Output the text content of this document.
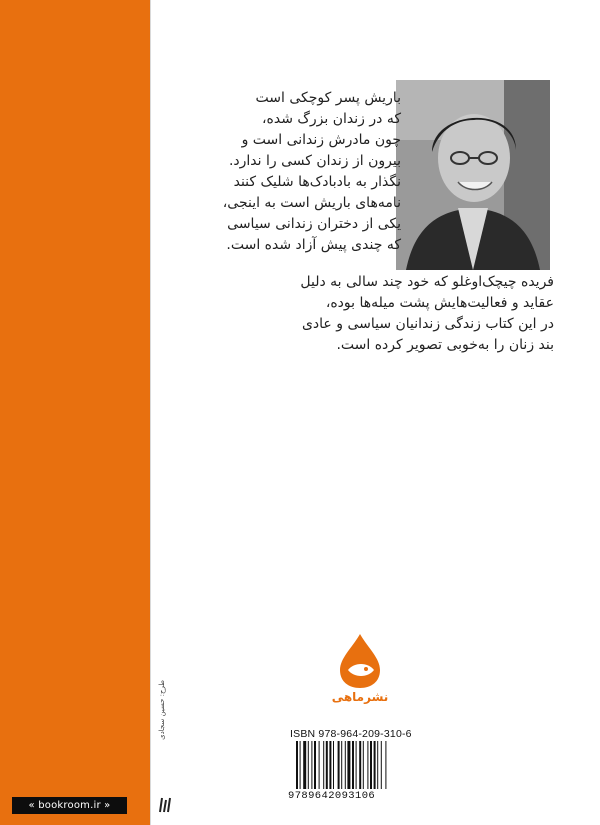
باریش پسر کوچکی است
که در زندان بزرگ شده،
چون مادرش زندانی است و
بیرون از زندان کسی را ندارد.
نگذار به بادبادک‌ها شلیک کنند
نامه‌های باریش است به اینجی،
یکی از دختران زندانی سیاسی
که چندی پیش آزاد شده است.
فریده چیچک‌اوغلو که خود چند سالی به دلیل
عقاید و فعالیت‌هایش پشت میله‌ها بوده،
در این کتاب زندگی زندانیان سیاسی و عادی
بند زنان را به‌خوبی تصویر کرده است.
نشرماهی
ISBN 978-964-209-310-6
9789642093106
طرح: حسین سجادی
« bookroom.ir »
